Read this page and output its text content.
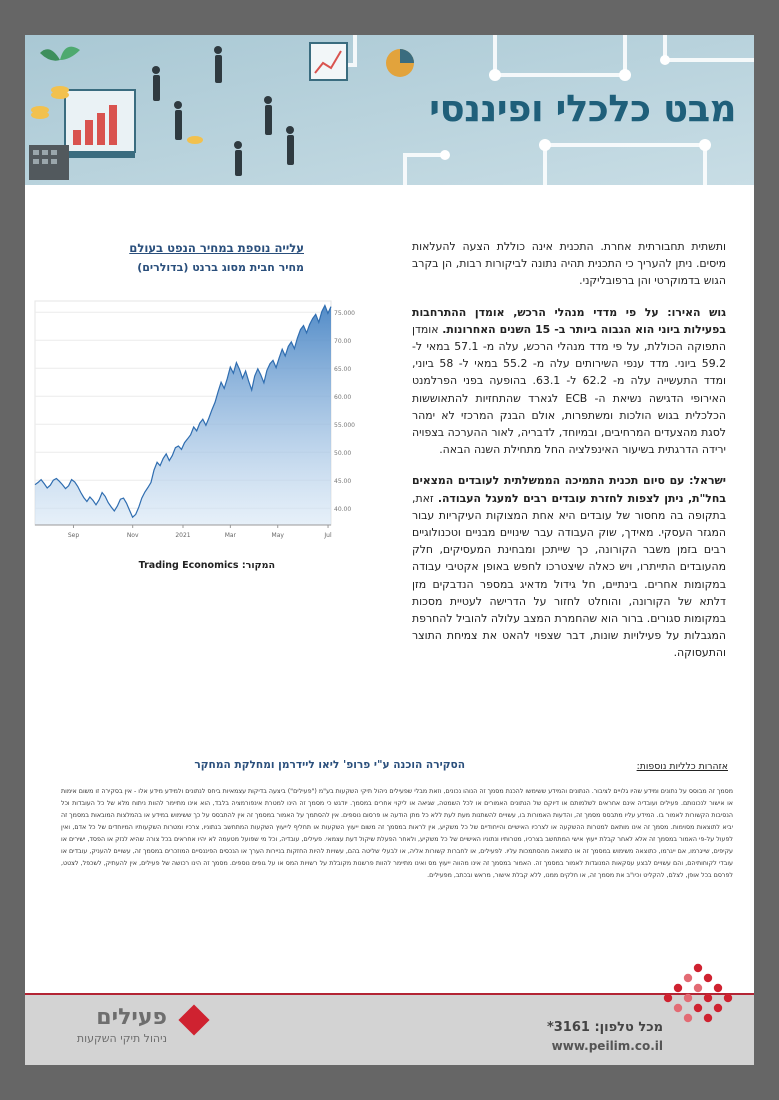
מבט כלכלי ופיננסי

ותשתית תחבורתית אחרת. התכנית אינה כוללת הצעה להעלאות מיסים. ניתן להעריך כי התכנית תהיה נתונה לביקורות רבות, הן בקרב הגוש בדמוקרטי והן ברפובליקני.

גוש האירו: על פי מדדי מנהלי הרכש, אומדן ההתרחבות בפעילות ביוני הוא הגבוה ביותר ב- 15 השנים האחרונות. אומדן התפוקה הכוללת, על פי מדד מנהלי הרכש, עלה מ- 57.1 במאי ל- 59.2 ביוני. מדד ענפי השירותים עלה מ- 55.2 במאי ל- 58 ביוני, ומדד התעשייה עלה מ- 62.2 ל- 63.1. בהופעה בפני הפרלמנט האירופי הדגישה נשיאת ה- ECB לגארד שהתחזיות להתאוששות הכלכלית בגוש הולכות ומשתפרות, אולם הבנק המרכזי לא ימהר לסגת מהצעדים המרחיבים, ובמיוחד, לדבריה, לאור ההערכה בצפויה ירידה הדרגתית בשיעור האינפלציה החל מתחילת השנה הבאה.

ישראל: עם סיום תכנית התמיכה הממשלתית לעובדים המצאים בחל"ת, ניתן לצפות לחזרת עובדים רבים למעגל העבודה. זאת, בתקופה בה מחסור של עובדים היא אחת המצוקות העיקריות עבור המגזר העסקי. מאידך, שוק העבודה עבר שינויים מבניים וטכנולוגיים רבים בזמן משבר הקורונה, כך שייתכן ומבחינת המעסיקים, חלק מהעובדים התייתרו, ויש כאלה שיצטרכו לחפש באופן אקטיבי עבודה במקומות אחרים. בינתיים, חל גידול מדאיג במספר הנדבקים מזן דלתא של הקורונה, והוחלט לחזור על הדרישה לעטיית מסכות במקומות סגורים. ברור הוא שהחמרת המצב עלולה להוביל להחרפת המגבלות על פעילויות שונות, דבר שצפוי להאט את צמיחת התוצר והתעסוקה.

עלייה נוספת במחיר הנפט בעולם
מחיר חבית מסוג ברנט (בדולרים)
75.000
70.00
65.00
60.00
55.000
50.00
45.00
40.00
Sep	Nov	2021	Mar	May	Jul
המקור: Trading Economics
אזהרות כלליות נוספות:
הסקירה הוכנה ע"י פרופ' ליאו ליידרמן ומחלקת המחקר
מסמך זה מבוסס על נתונים ומידע שהיו גלויים לציבור. הנתונים והמידע ששימשו להכנת מסמך זה הנוהו נכונים, וזאת מבלי שפעילים ניהול תיקי השקעות בע"מ ("פעילים") ביצעה בדיקות עצמאיות ביחס לנתונים ולמידע מידע אלו - אין בסקירה זו משום אימות או אישור לנכונותם. פעילים ועובדיה אינם אחראים לשלמותם או דיוקם של הנתונים האמורים או לכל השמטה, שגיאה או ליקוי אחרים במסמך. יודגש כי מסמך זה הינו למטרת אינפורמציה בלבד, הוא אינו מתיימר להוות ניתוח מלא של כל העובדות וכל הנסיבות הקשורות לאמור בו. המידע עליו מתבסס מסמך זה, והדעות האמורות בו, עשויים להשתנות מעת לעת ללא כל מתן הודעה או פרסום נוספים. אין להסתמך על האמור במסמך זה אין להתבסס על כך ששימוש במידע או בהמלצות המובאות במסמך זה יביא לתוצאות מסוימות. מסמך זה אינו מותאם למטרות ההשקעה או לצרכיו האישיים והייחודיים של כל משקיע, אין לראות במסמך זה משום ייעוץ השקעות או תחליף לייעוץ השקעות המתחשב בנתוניו, צרכיו ומטרות השקעותיו המיוחדים של כל אדם, ואין לפעול על-פי האמור במסמך זה אלא לאחר קבלת ייעוץ אישי המתחשב בצרכיו, מטרותיו ונתוניו האישיים של כל משקיע, ולאחר הפעלת שיקול דעת עצמאי. פעילים, עובדיה, וכל מי שפועל מטעמה לא יהיו אחראים בכל צורה שהיא לנזק או הפסד, ישירים או עקיפים, שייגרמו, אם ייגרמו, כתוצאה משימוש במסמך זה או כתוצאה מהסתמכות עליו. לפעילים, או לחברות קשורות אליה, או לבעלי שליטה בהם, עשויות להיות החזקות בניירות הערך או הנכסים הפיננסיים המוזכרים במסמך זה, עשויים להעניק, עובדים או עובדי לקוחותיהם, והם עשויים לבצע עסקאות המנוגדות לאמור במסמך זה. האמור במסמך זה אינו מהווה ייעוץ מס ואינו מתיימר להוות פרשנות מקובלת על רשויות המס או על גופים נוספים. מסמך זה הינו רכושה של פעילים, אין להעתיק, לשכפל, לצטט, לפרסם בכל אופן, לצלם, להקליט וכיו"ב את מסמך זה, או חלקים ממנו, ללא קבלת אישור, מראש ובכתב, מפעילים.
פעילים
ניהול תיקי השקעות
מכל טלפון: 3161*
www.peilim.co.il
